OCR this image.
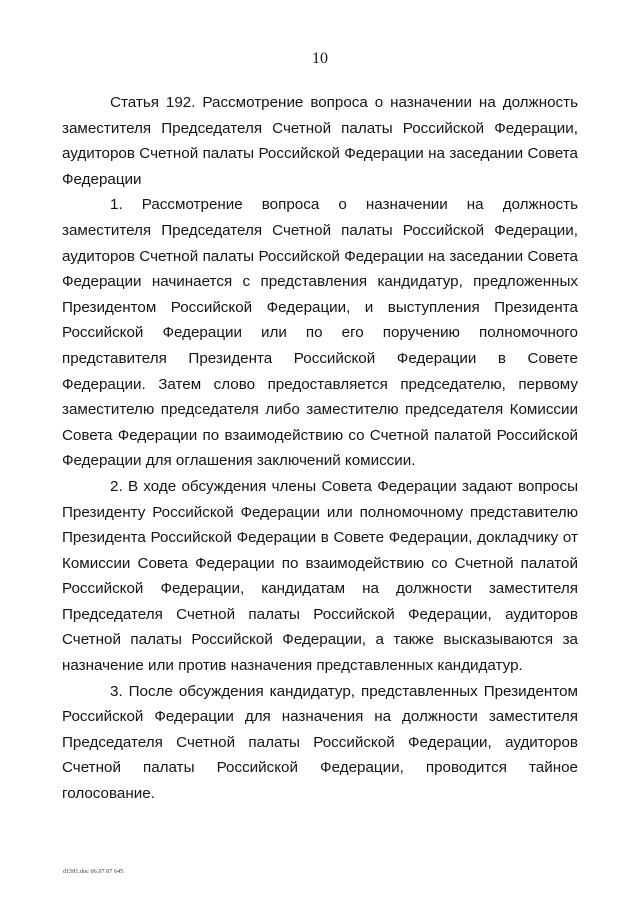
10

Статья 192. Рассмотрение вопроса о назначении на должность заместителя Председателя Счетной палаты Российской Федерации, аудиторов Счетной палаты Российской Федерации на заседании Совета Федерации

1. Рассмотрение вопроса о назначении на должность заместителя Председателя Счетной палаты Российской Федерации, аудиторов Счетной палаты Российской Федерации на заседании Совета Федерации начинается с представления кандидатур, предложенных Президентом Российской Федерации, и выступления Президента Российской Федерации или по его поручению полномочного представителя Президента Российской Федерации в Совете Федерации. Затем слово предоставляется председателю, первому заместителю председателя либо заместителю председателя Комиссии Совета Федерации по взаимодействию со Счетной палатой Российской Федерации для оглашения заключений комиссии.

2. В ходе обсуждения члены Совета Федерации задают вопросы Президенту Российской Федерации или полномочному представителю Президента Российской Федерации в Совете Федерации, докладчику от Комиссии Совета Федерации по взаимодействию со Счетной палатой Российской Федерации, кандидатам на должности заместителя Председателя Счетной палаты Российской Федерации, аудиторов Счетной палаты Российской Федерации, а также высказываются за назначение или против назначения представленных кандидатур.

3. После обсуждения кандидатур, представленных Президентом Российской Федерации для назначения на должности заместителя Председателя Счетной палаты Российской Федерации, аудиторов Счетной палаты Российской Федерации, проводится тайное голосование.

d1581.doc 06.07.07 645
